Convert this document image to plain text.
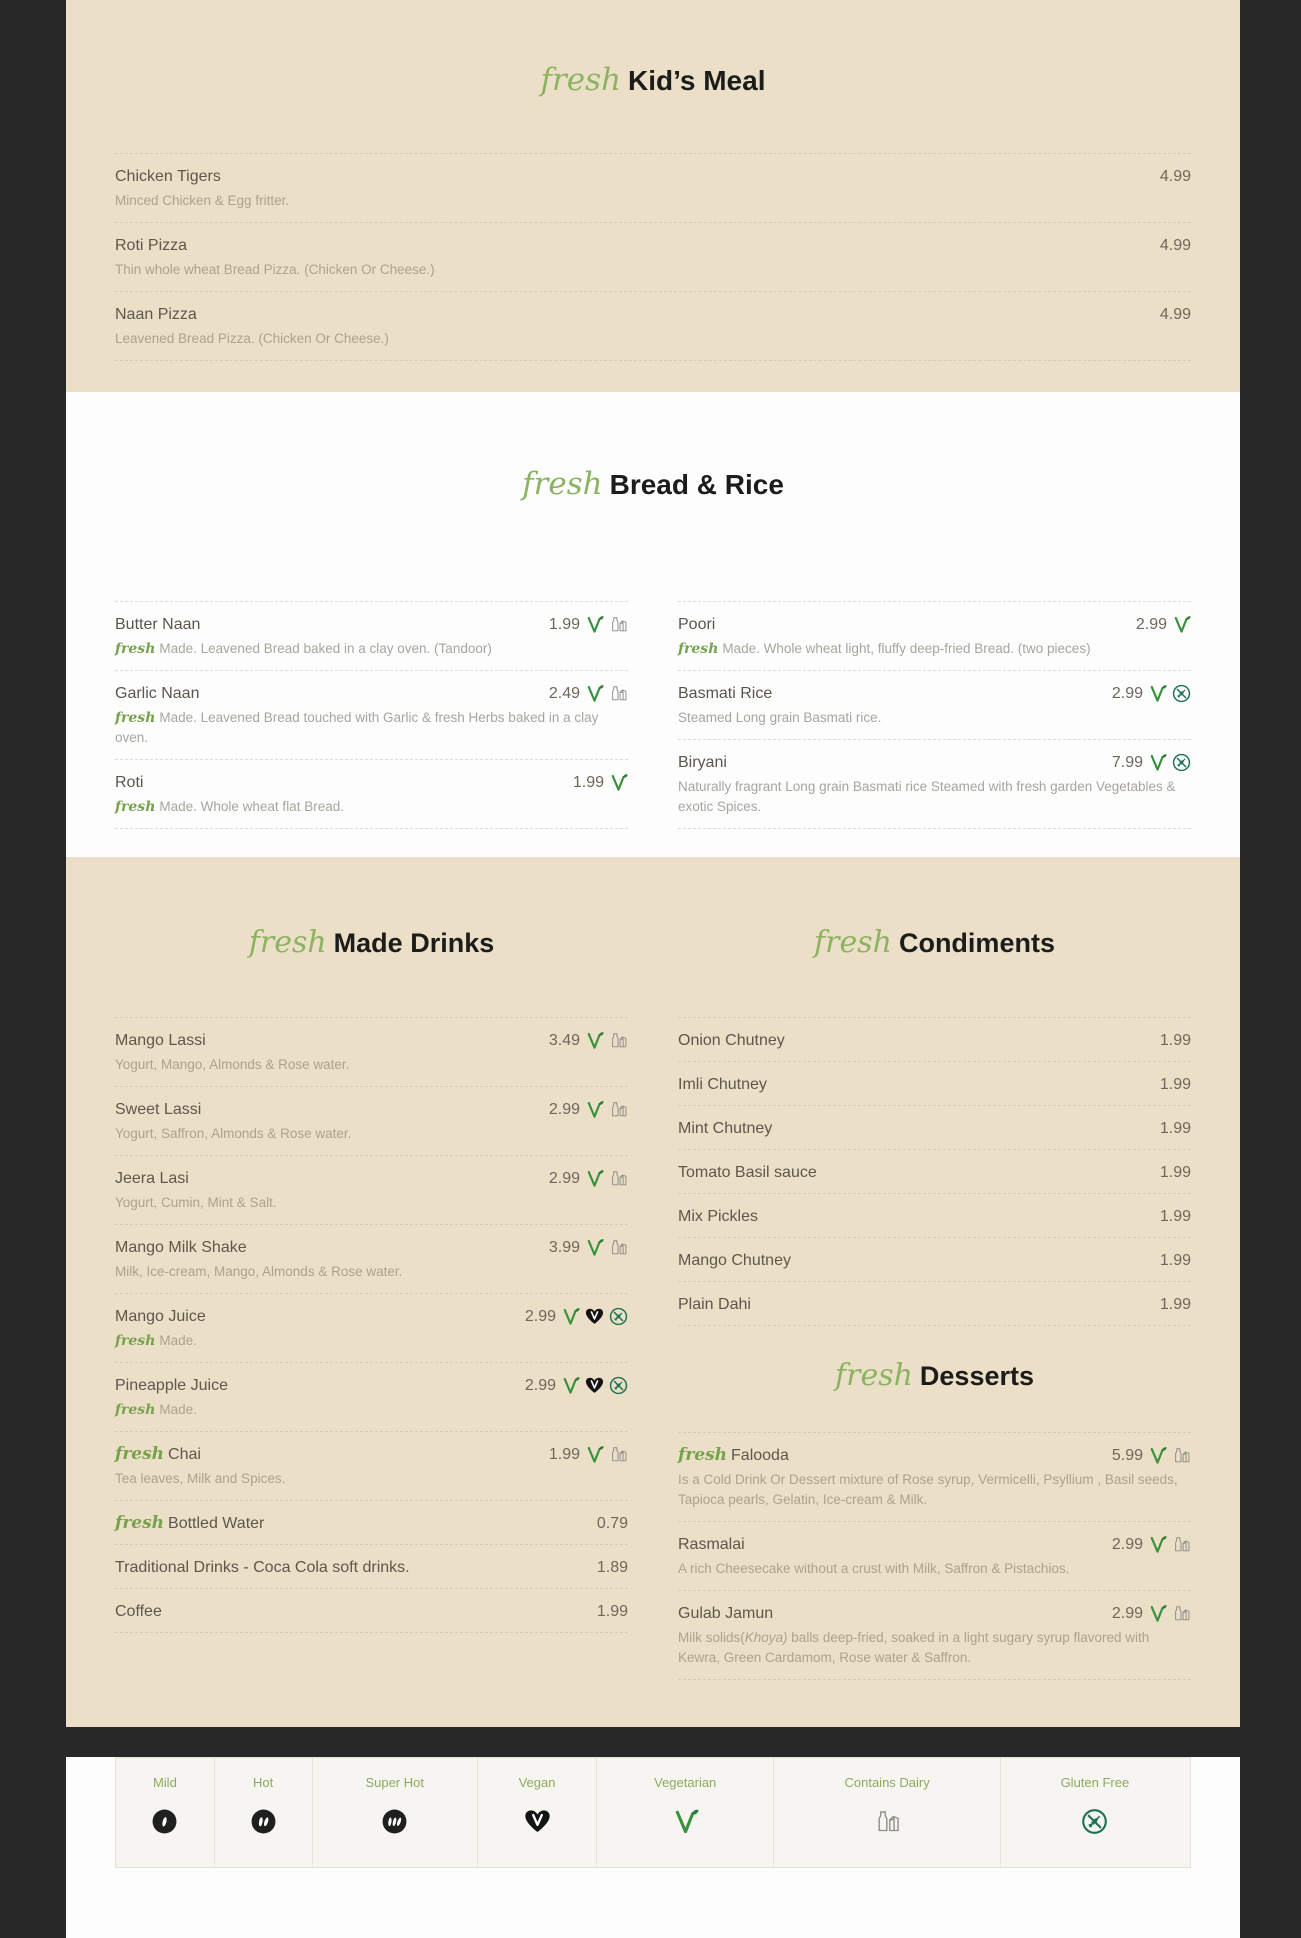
fresh Kid’s Meal
Chicken Tigers	4.99
Minced Chicken & Egg fritter.
Roti Pizza	4.99
Thin whole wheat Bread Pizza. (Chicken Or Cheese.)
Naan Pizza	4.99
Leavened Bread Pizza. (Chicken Or Cheese.)
fresh Bread & Rice
Butter Naan	1.99
fresh Made. Leavened Bread baked in a clay oven. (Tandoor)
Garlic Naan	2.49
fresh Made. Leavened Bread touched with Garlic & fresh Herbs baked in a clay oven.
Roti	1.99
fresh Made. Whole wheat flat Bread.
Poori	2.99
fresh Made. Whole wheat light, fluffy deep-fried Bread. (two pieces)
Basmati Rice	2.99
Steamed Long grain Basmati rice.
Biryani	7.99
Naturally fragrant Long grain Basmati rice Steamed with fresh garden Vegetables & exotic Spices.
fresh Made Drinks
Mango Lassi	3.49
Yogurt, Mango, Almonds & Rose water.
Sweet Lassi	2.99
Yogurt, Saffron, Almonds & Rose water.
Jeera Lasi	2.99
Yogurt, Cumin, Mint & Salt.
Mango Milk Shake	3.99
Milk, Ice-cream, Mango, Almonds & Rose water.
Mango Juice	2.99
fresh Made.
Pineapple Juice	2.99
fresh Made.
fresh Chai	1.99
Tea leaves, Milk and Spices.
fresh Bottled Water	0.79
Traditional Drinks - Coca Cola soft drinks.	1.89
Coffee	1.99
fresh Condiments
Onion Chutney	1.99
Imli Chutney	1.99
Mint Chutney	1.99
Tomato Basil sauce	1.99
Mix Pickles	1.99
Mango Chutney	1.99
Plain Dahi	1.99
fresh Desserts
fresh Falooda	5.99
Is a Cold Drink Or Dessert mixture of Rose syrup, Vermicelli, Psyllium , Basil seeds, Tapioca pearls, Gelatin, Ice-cream & Milk.
Rasmalai	2.99
A rich Cheesecake without a crust with Milk, Saffron & Pistachios.
Gulab Jamun	2.99
Milk solids(Khoya) balls deep-fried, soaked in a light sugary syrup flavored with Kewra, Green Cardamom, Rose water & Saffron.
Mild	Hot	Super Hot	Vegan	Vegetarian	Contains Dairy	Gluten Free
